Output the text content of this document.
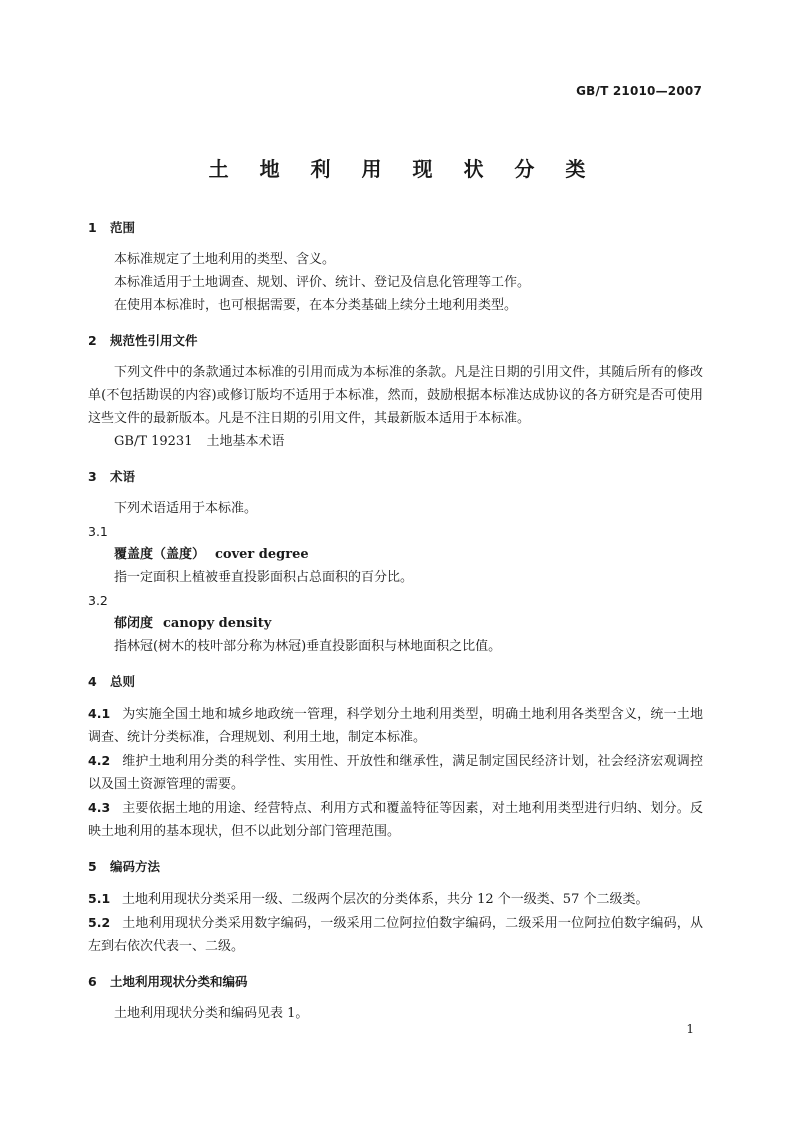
GB/T 21010—2007
土 地 利 用 现 状 分 类
1 范围

本标准规定了土地利用的类型、含义。

本标准适用于土地调查、规划、评价、统计、登记及信息化管理等工作。

在使用本标准时，也可根据需要，在本分类基础上续分土地利用类型。

2 规范性引用文件

下列文件中的条款通过本标准的引用而成为本标准的条款。凡是注日期的引用文件，其随后所有的修改单(不包括勘误的内容)或修订版均不适用于本标准，然而，鼓励根据本标准达成协议的各方研究是否可使用这些文件的最新版本。凡是不注日期的引用文件，其最新版本适用于本标准。

GB/T 19231 土地基本术语

3 术语

下列术语适用于本标准。

3.1

覆盖度（盖度） cover degree

指一定面积上植被垂直投影面积占总面积的百分比。

3.2

郁闭度 canopy density

指林冠(树木的枝叶部分称为林冠)垂直投影面积与林地面积之比值。

4 总则

4.1 为实施全国土地和城乡地政统一管理，科学划分土地利用类型，明确土地利用各类型含义，统一土地调查、统计分类标准，合理规划、利用土地，制定本标准。

4.2 维护土地利用分类的科学性、实用性、开放性和继承性，满足制定国民经济计划，社会经济宏观调控以及国土资源管理的需要。

4.3 主要依据土地的用途、经营特点、利用方式和覆盖特征等因素，对土地利用类型进行归纳、划分。反映土地利用的基本现状，但不以此划分部门管理范围。

5 编码方法

5.1 土地利用现状分类采用一级、二级两个层次的分类体系，共分 12 个一级类、57 个二级类。

5.2 土地利用现状分类采用数字编码，一级采用二位阿拉伯数字编码，二级采用一位阿拉伯数字编码，从左到右依次代表一、二级。

6 土地利用现状分类和编码

土地利用现状分类和编码见表 1。

1
